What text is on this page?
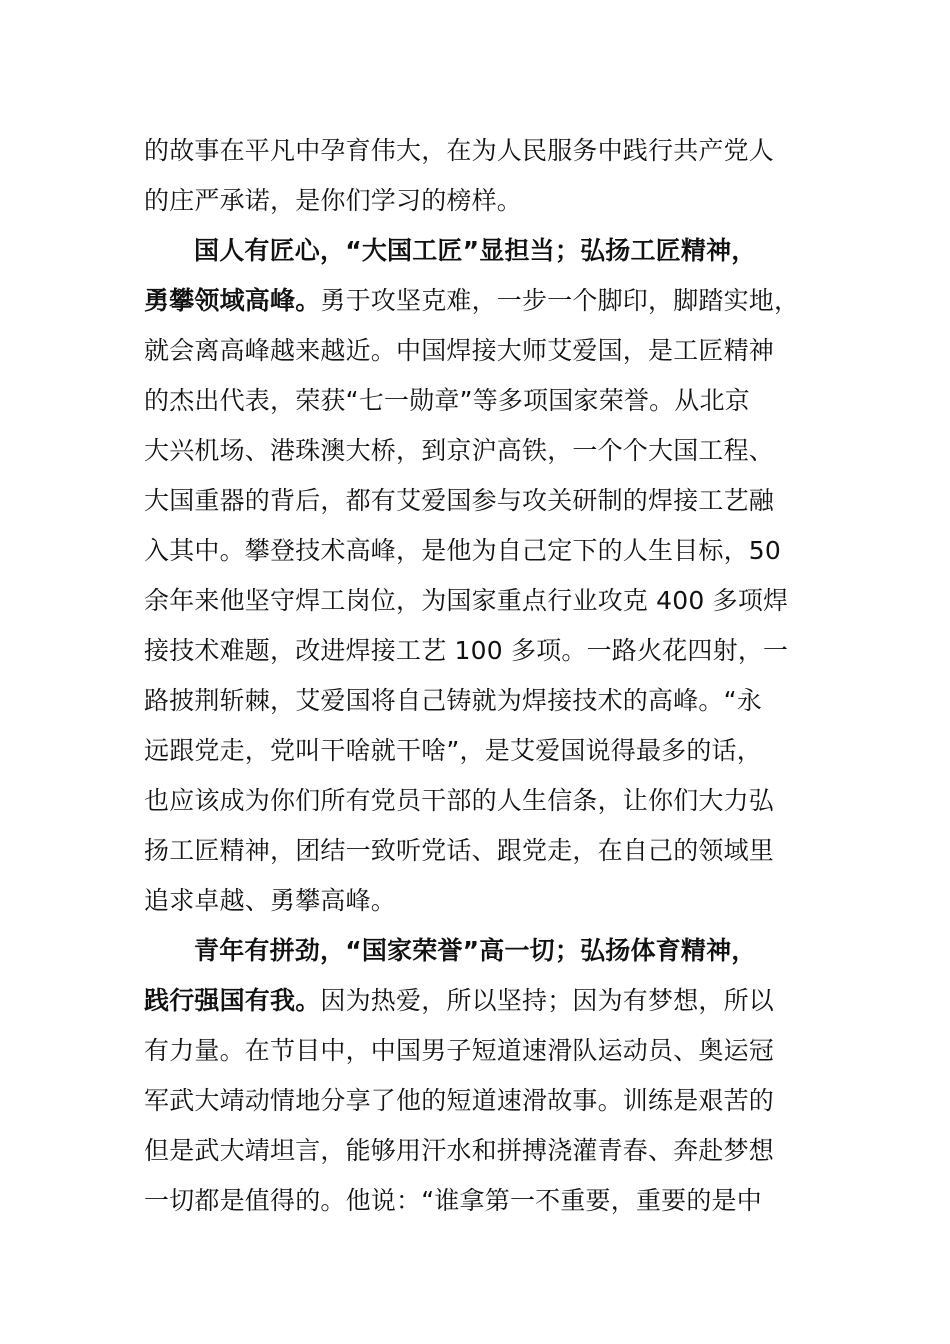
的故事在平凡中孕育伟大，在为人民服务中践行共产党人
的庄严承诺，是你们学习的榜样。
国人有匠心，“大国工匠”显担当；弘扬工匠精神，
勇攀领域高峰。勇于攻坚克难，一步一个脚印，脚踏实地，
就会离高峰越来越近。中国焊接大师艾爱国，是工匠精神
的杰出代表，荣获“七一勋章”等多项国家荣誉。从北京
大兴机场、港珠澳大桥，到京沪高铁，一个个大国工程、
大国重器的背后，都有艾爱国参与攻关研制的焊接工艺融
入其中。攀登技术高峰，是他为自己定下的人生目标，50
余年来他坚守焊工岗位，为国家重点行业攻克 400 多项焊
接技术难题，改进焊接工艺 100 多项。一路火花四射，一
路披荆斩棘，艾爱国将自己铸就为焊接技术的高峰。“永
远跟党走，党叫干啥就干啥”，是艾爱国说得最多的话，
也应该成为你们所有党员干部的人生信条，让你们大力弘
扬工匠精神，团结一致听党话、跟党走，在自己的领域里
追求卓越、勇攀高峰。
青年有拼劲，“国家荣誉”高一切；弘扬体育精神，
践行强国有我。因为热爱，所以坚持；因为有梦想，所以
有力量。在节目中，中国男子短道速滑队运动员、奥运冠
军武大靖动情地分享了他的短道速滑故事。训练是艰苦的
但是武大靖坦言，能够用汗水和拼搏浇灌青春、奔赴梦想
一切都是值得的。他说：“谁拿第一不重要，重要的是中
